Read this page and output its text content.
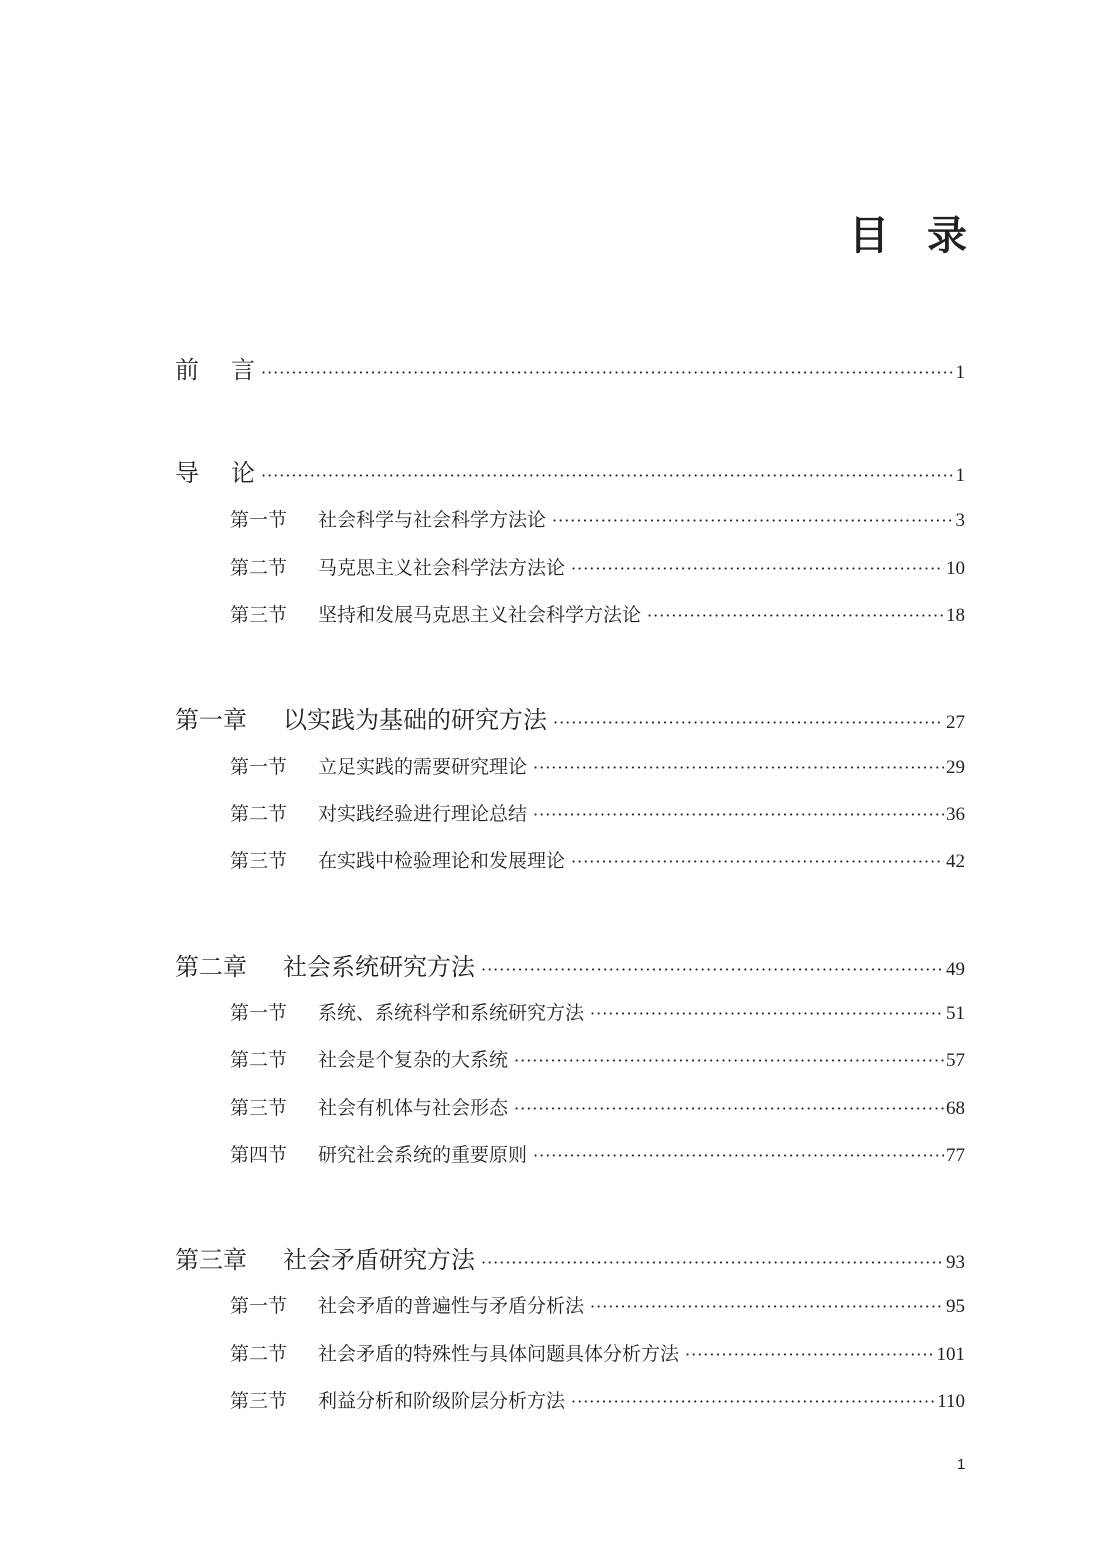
目录
前言 ·····	1
导论 ·····	1
第一节	社会科学与社会科学方法论 ·····	3
第二节	马克思主义社会科学法方法论 ·····	10
第三节	坚持和发展马克思主义社会科学方法论 ·····	18
第一章	以实践为基础的研究方法 ·····	27
第一节	立足实践的需要研究理论 ·····	29
第二节	对实践经验进行理论总结 ·····	36
第三节	在实践中检验理论和发展理论 ·····	42
第二章	社会系统研究方法 ·····	49
第一节	系统、系统科学和系统研究方法 ·····	51
第二节	社会是个复杂的大系统 ·····	57
第三节	社会有机体与社会形态 ·····	68
第四节	研究社会系统的重要原则 ·····	77
第三章	社会矛盾研究方法 ·····	93
第一节	社会矛盾的普遍性与矛盾分析法 ·····	95
第二节	社会矛盾的特殊性与具体问题具体分析方法 ·····	101
第三节	利益分析和阶级阶层分析方法 ·····	110
1
